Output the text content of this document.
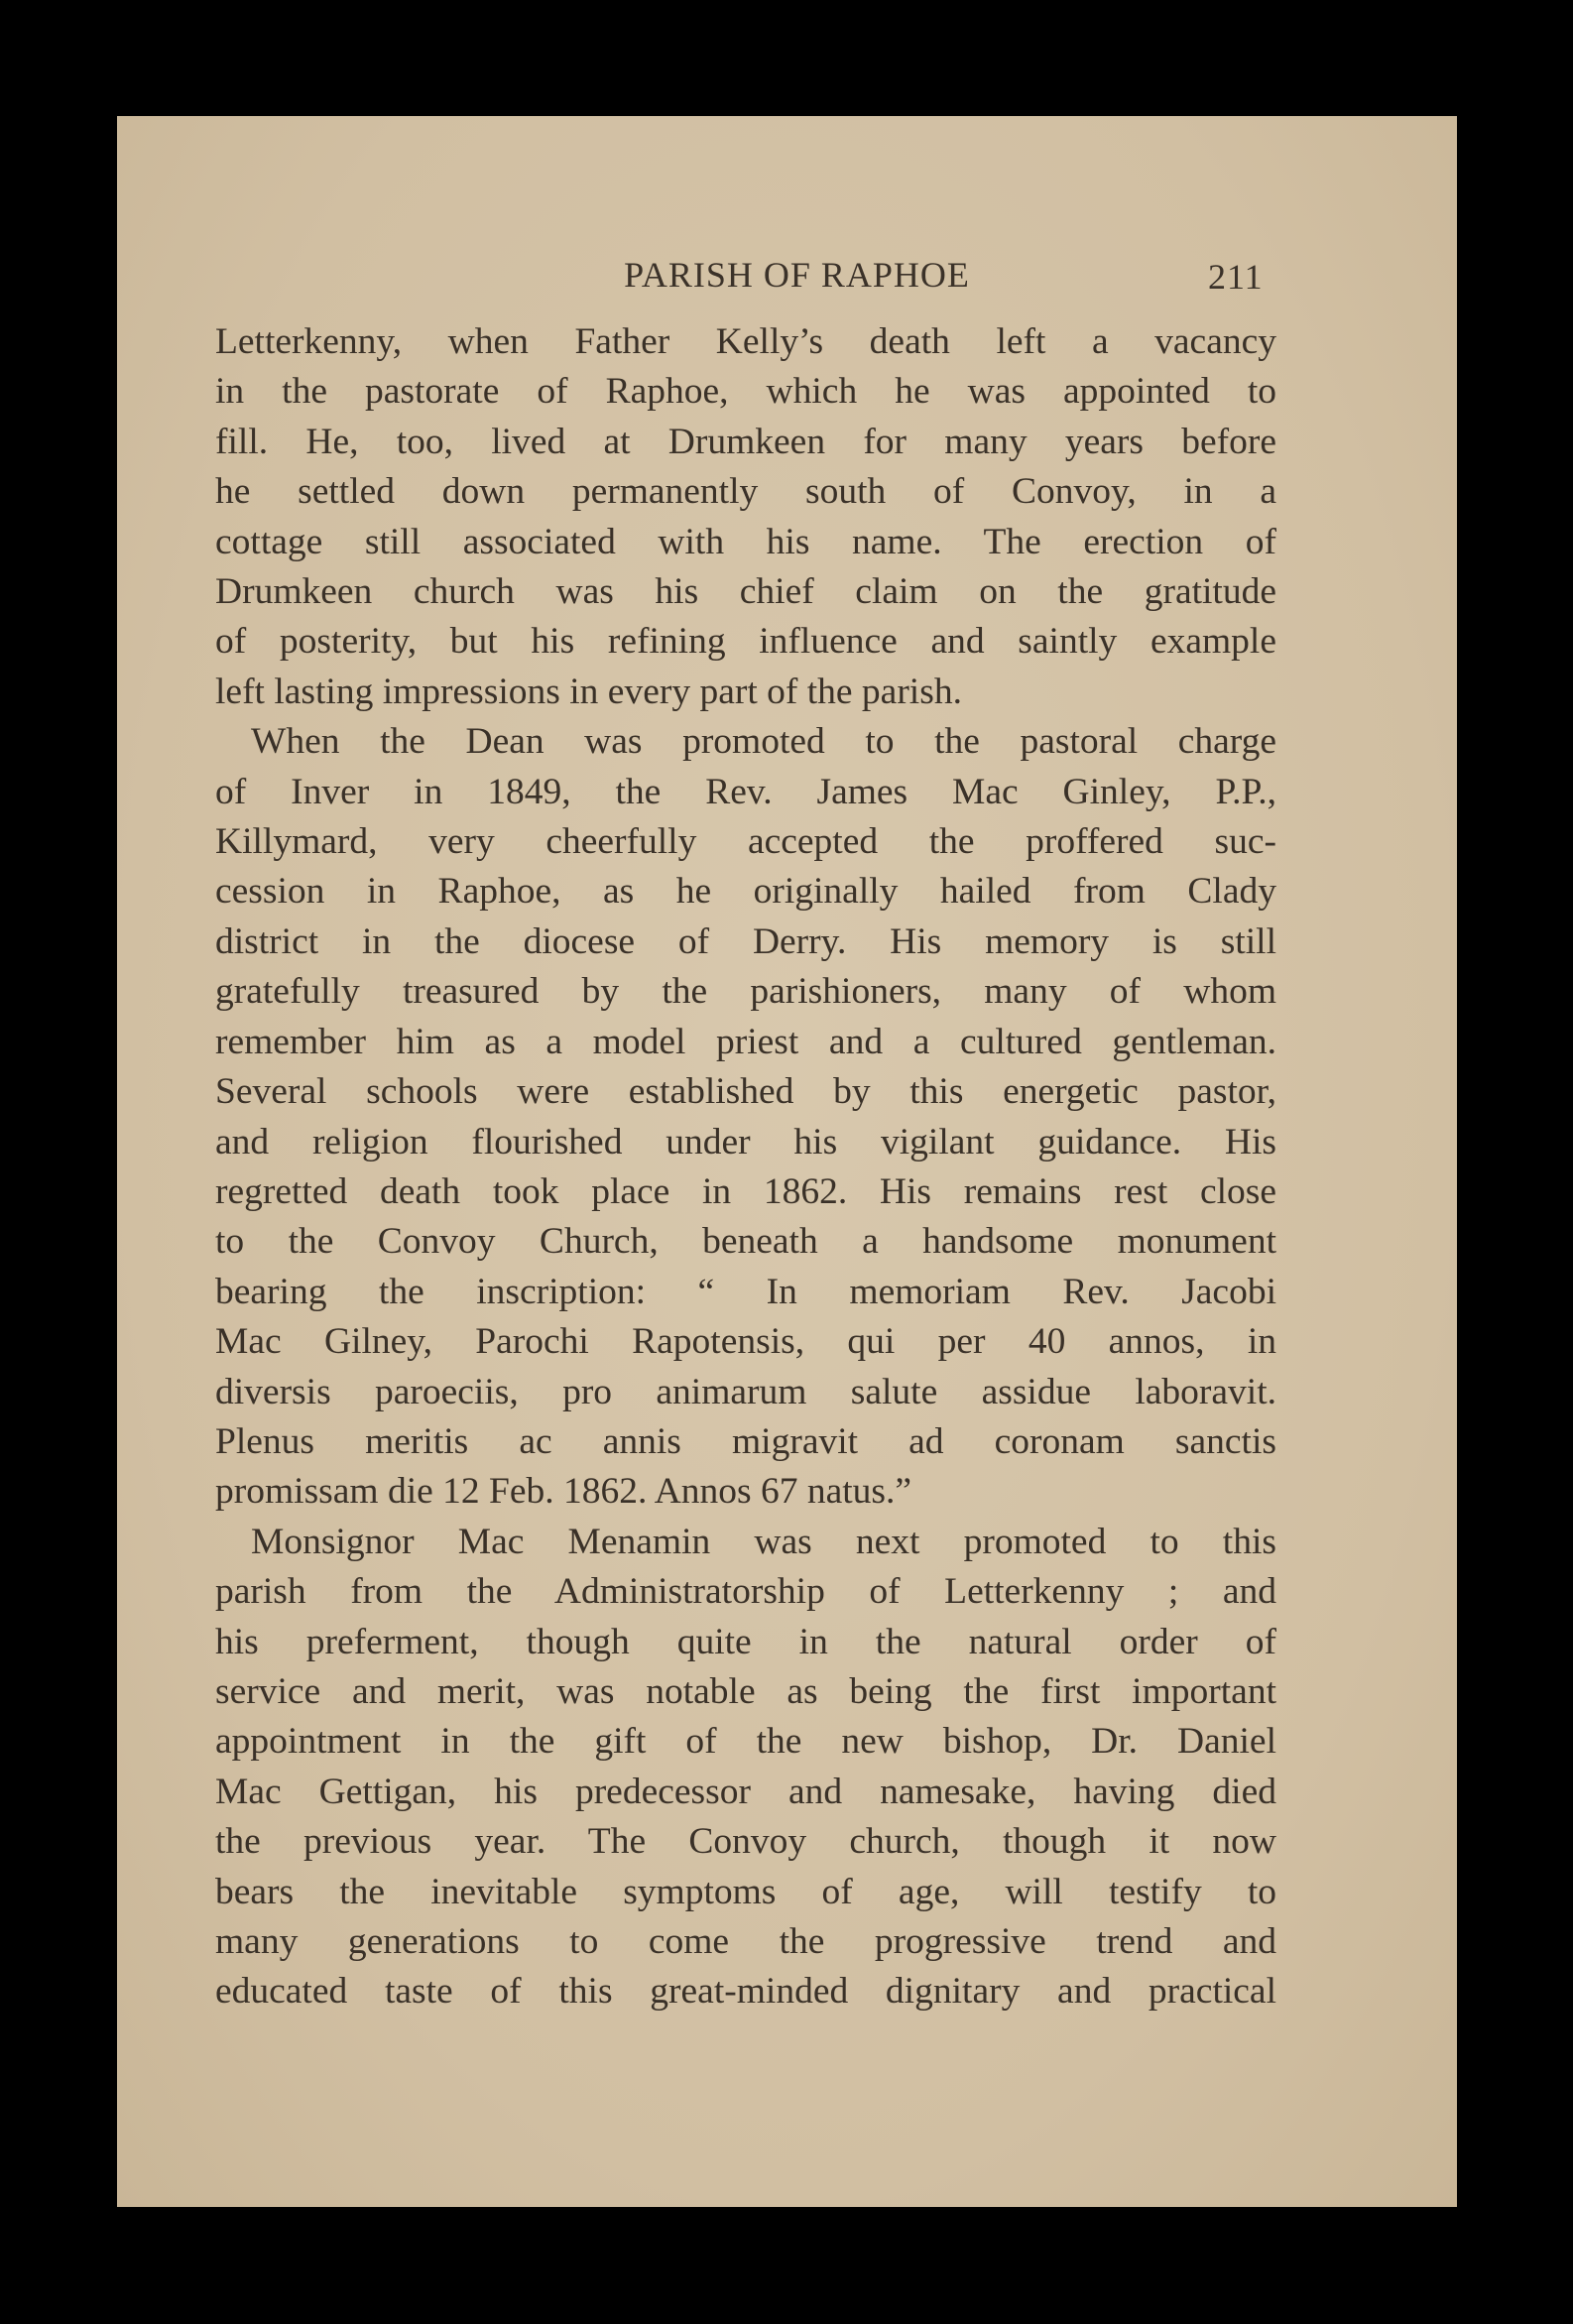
PARISH OF RAPHOE	211

Letterkenny, when Father Kelly’s death left a vacancy

in the pastorate of Raphoe, which he was appointed to

fill. He, too, lived at Drumkeen for many years before

he settled down permanently south of Convoy, in a

cottage still associated with his name. The erection of

Drumkeen church was his chief claim on the gratitude

of posterity, but his refining influence and saintly example

left lasting impressions in every part of the parish.

When the Dean was promoted to the pastoral charge

of Inver in 1849, the Rev. James Mac Ginley, P.P.,

Killymard, very cheerfully accepted the proffered suc-

cession in Raphoe, as he originally hailed from Clady

district in the diocese of Derry. His memory is still

gratefully treasured by the parishioners, many of whom

remember him as a model priest and a cultured gentleman.

Several schools were established by this energetic pastor,

and religion flourished under his vigilant guidance. His

regretted death took place in 1862. His remains rest close

to the Convoy Church, beneath a handsome monument

bearing the inscription: “ In memoriam Rev. Jacobi

Mac Gilney, Parochi Rapotensis, qui per 40 annos, in

diversis paroeciis, pro animarum salute assidue laboravit.

Plenus meritis ac annis migravit ad coronam sanctis

promissam die 12 Feb. 1862. Annos 67 natus.”

Monsignor Mac Menamin was next promoted to this

parish from the Administratorship of Letterkenny ; and

his preferment, though quite in the natural order of

service and merit, was notable as being the first important

appointment in the gift of the new bishop, Dr. Daniel

Mac Gettigan, his predecessor and namesake, having died

the previous year. The Convoy church, though it now

bears the inevitable symptoms of age, will testify to

many generations to come the progressive trend and

educated taste of this great-minded dignitary and practical
